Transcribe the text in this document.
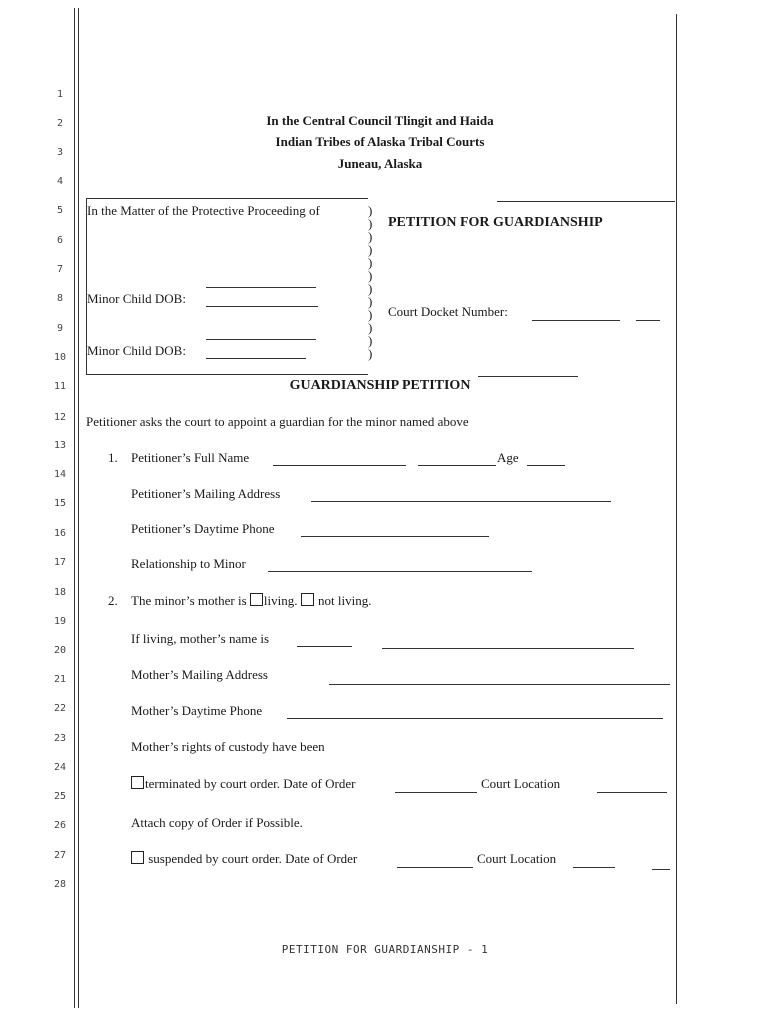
1
2
3
4
5
6
7
8
9
10
11
12
13
14
15
16
17
18
19
20
21
22
23
24
25
26
27
28
In the Central Council Tlingit and Haida
Indian Tribes of Alaska Tribal Courts
Juneau, Alaska
In the Matter of the Protective Proceeding of
Minor Child DOB:
Minor Child DOB:
)
)
)
)
)
)
)
)
)
)
)
)
PETITION FOR GUARDIANSHIP
Court Docket Number:
GUARDIANSHIP PETITION
Petitioner asks the court to appoint a guardian for the minor named above
1. Petitioner’s Full Name	Age
Petitioner’s Mailing Address
Petitioner’s Daytime Phone
Relationship to Minor
2. The minor’s mother is living. not living.
If living, mother’s name is
Mother’s Mailing Address
Mother’s Daytime Phone
Mother’s rights of custody have been
terminated by court order. Date of Order	Court Location
Attach copy of Order if Possible.
suspended by court order. Date of Order	Court Location
PETITION FOR GUARDIANSHIP - 1
